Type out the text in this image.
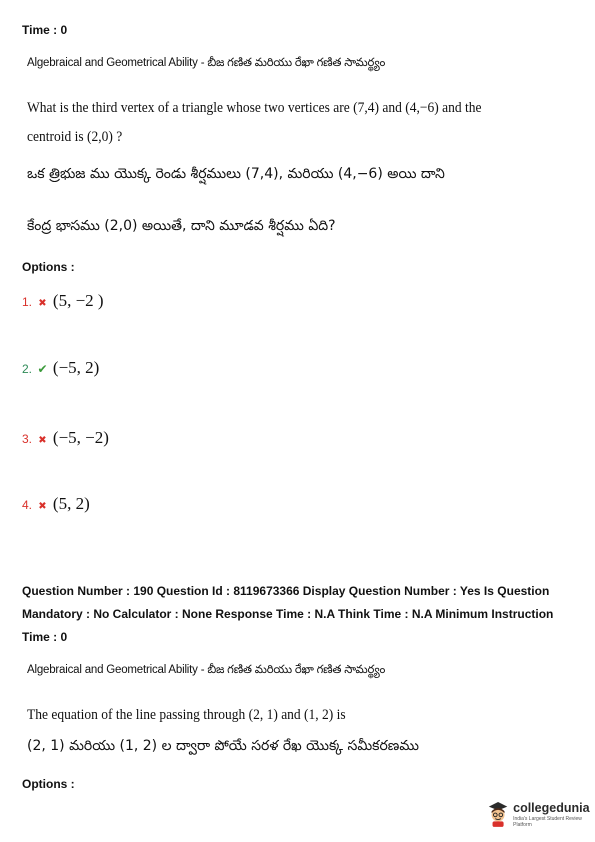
Time : 0
Algebraical and Geometrical Ability - బీజ గణిత మరియు రేఖా గణిత సామర్థ్యం
What is the third vertex of a triangle whose two vertices are (7,4) and (4,−6) and the
centroid is (2,0) ?
ఒక త్రిభుజ ము యొక్క రెండు శీర్షములు (7,4), మరియు (4,−6) అయి దాని
కేంద్ర భాసము (2,0) అయితే, దాని మూడవ శీర్షము ఏది?
Options :
1. ✖ (5, −2 )
2. ✔ (−5, 2)
3. ✖ (−5, −2)
4. ✖ (5, 2)
Question Number : 190 Question Id : 8119673366 Display Question Number : Yes Is Question
Mandatory : No Calculator : None Response Time : N.A Think Time : N.A Minimum Instruction
Time : 0
Algebraical and Geometrical Ability - బీజ గణిత మరియు రేఖా గణిత సామర్థ్యం
The equation of the line passing through (2, 1) and (1, 2) is
(2, 1) మరియు (1, 2) ల ద్వారా పోయే సరళ రేఖ యొక్క సమీకరణము
Options :
collegedunia
India's Largest Student Review Platform
